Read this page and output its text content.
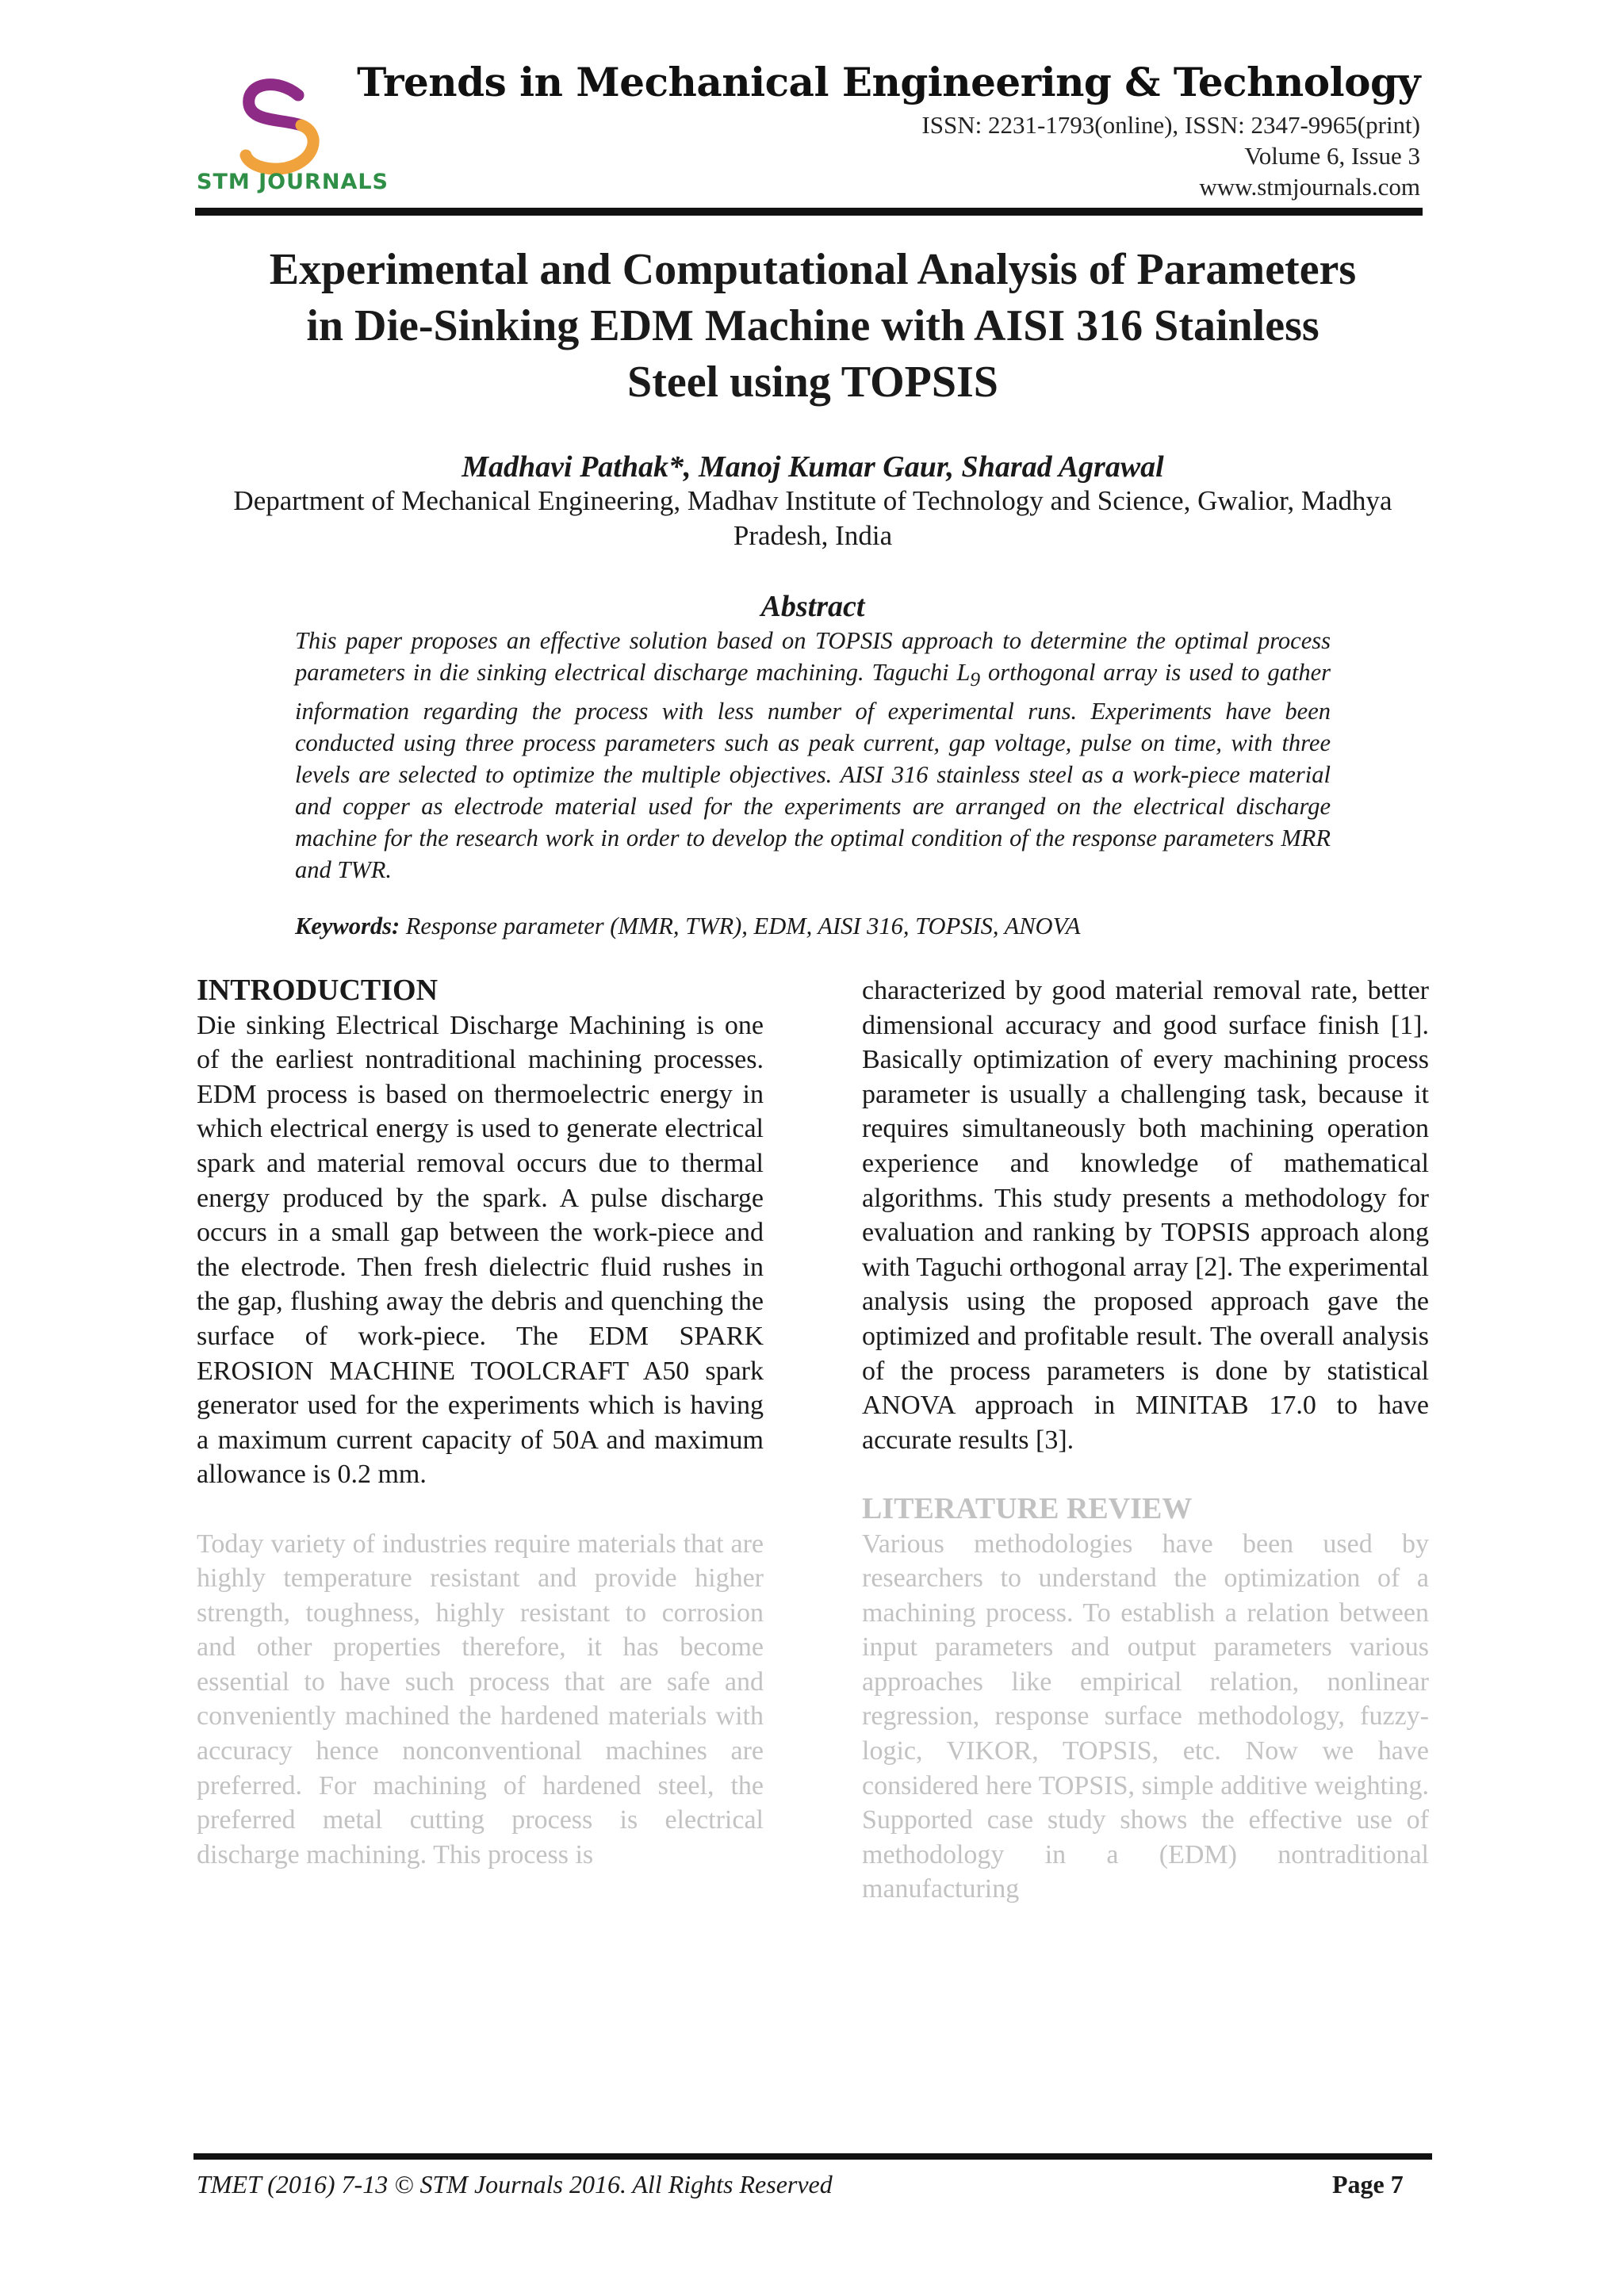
STM JOURNALS
Trends in Mechanical Engineering & Technology
ISSN: 2231-1793(online), ISSN: 2347-9965(print)
Volume 6, Issue 3
www.stmjournals.com
Experimental and Computational Analysis of Parameters
in Die-Sinking EDM Machine with AISI 316 Stainless
Steel using TOPSIS
Madhavi Pathak*, Manoj Kumar Gaur, Sharad Agrawal
Department of Mechanical Engineering, Madhav Institute of Technology and Science, Gwalior, Madhya Pradesh, India
Abstract

This paper proposes an effective solution based on TOPSIS approach to determine the optimal process parameters in die sinking electrical discharge machining. Taguchi $L_9$ orthogonal array is used to gather information regarding the process with less number of experimental runs. Experiments have been conducted using three process parameters such as peak current, gap voltage, pulse on time, with three levels are selected to optimize the multiple objectives. AISI 316 stainless steel as a work-piece material and copper as electrode material used for the experiments are arranged on the electrical discharge machine for the research work in order to develop the optimal condition of the response parameters MRR and TWR.

Keywords: Response parameter (MMR, TWR), EDM, AISI 316, TOPSIS, ANOVA
INTRODUCTION

Die sinking Electrical Discharge Machining is one of the earliest nontraditional machining processes. EDM process is based on thermoelectric energy in which electrical energy is used to generate electrical spark and material removal occurs due to thermal energy produced by the spark. A pulse discharge occurs in a small gap between the work-piece and the electrode. Then fresh dielectric fluid rushes in the gap, flushing away the debris and quenching the surface of work-piece. The EDM SPARK EROSION MACHINE TOOLCRAFT A50 spark generator used for the experiments which is having a maximum current capacity of 50A and maximum allowance is 0.2 mm.

Today variety of industries require materials that are highly temperature resistant and provide higher strength, toughness, highly resistant to corrosion and other properties therefore, it has become essential to have such process that are safe and conveniently machined the hardened materials with accuracy hence nonconventional machines are preferred. For machining of hardened steel, the preferred metal cutting process is electrical discharge machining. This process is

characterized by good material removal rate, better dimensional accuracy and good surface finish [1]. Basically optimization of every machining process parameter is usually a challenging task, because it requires simultaneously both machining operation experience and knowledge of mathematical algorithms. This study presents a methodology for evaluation and ranking by TOPSIS approach along with Taguchi orthogonal array [2]. The experimental analysis using the proposed approach gave the optimized and profitable result. The overall analysis of the process parameters is done by statistical ANOVA approach in MINITAB 17.0 to have accurate results [3].

LITERATURE REVIEW

Various methodologies have been used by researchers to understand the optimization of a machining process. To establish a relation between input parameters and output parameters various approaches like empirical relation, nonlinear regression, response surface methodology, fuzzy-logic, VIKOR, TOPSIS, etc. Now we have considered here TOPSIS, simple additive weighting. Supported case study shows the effective use of methodology in a (EDM) nontraditional manufacturing

TMET (2016) 7-13 © STM Journals 2016. All Rights Reserved	Page 7
